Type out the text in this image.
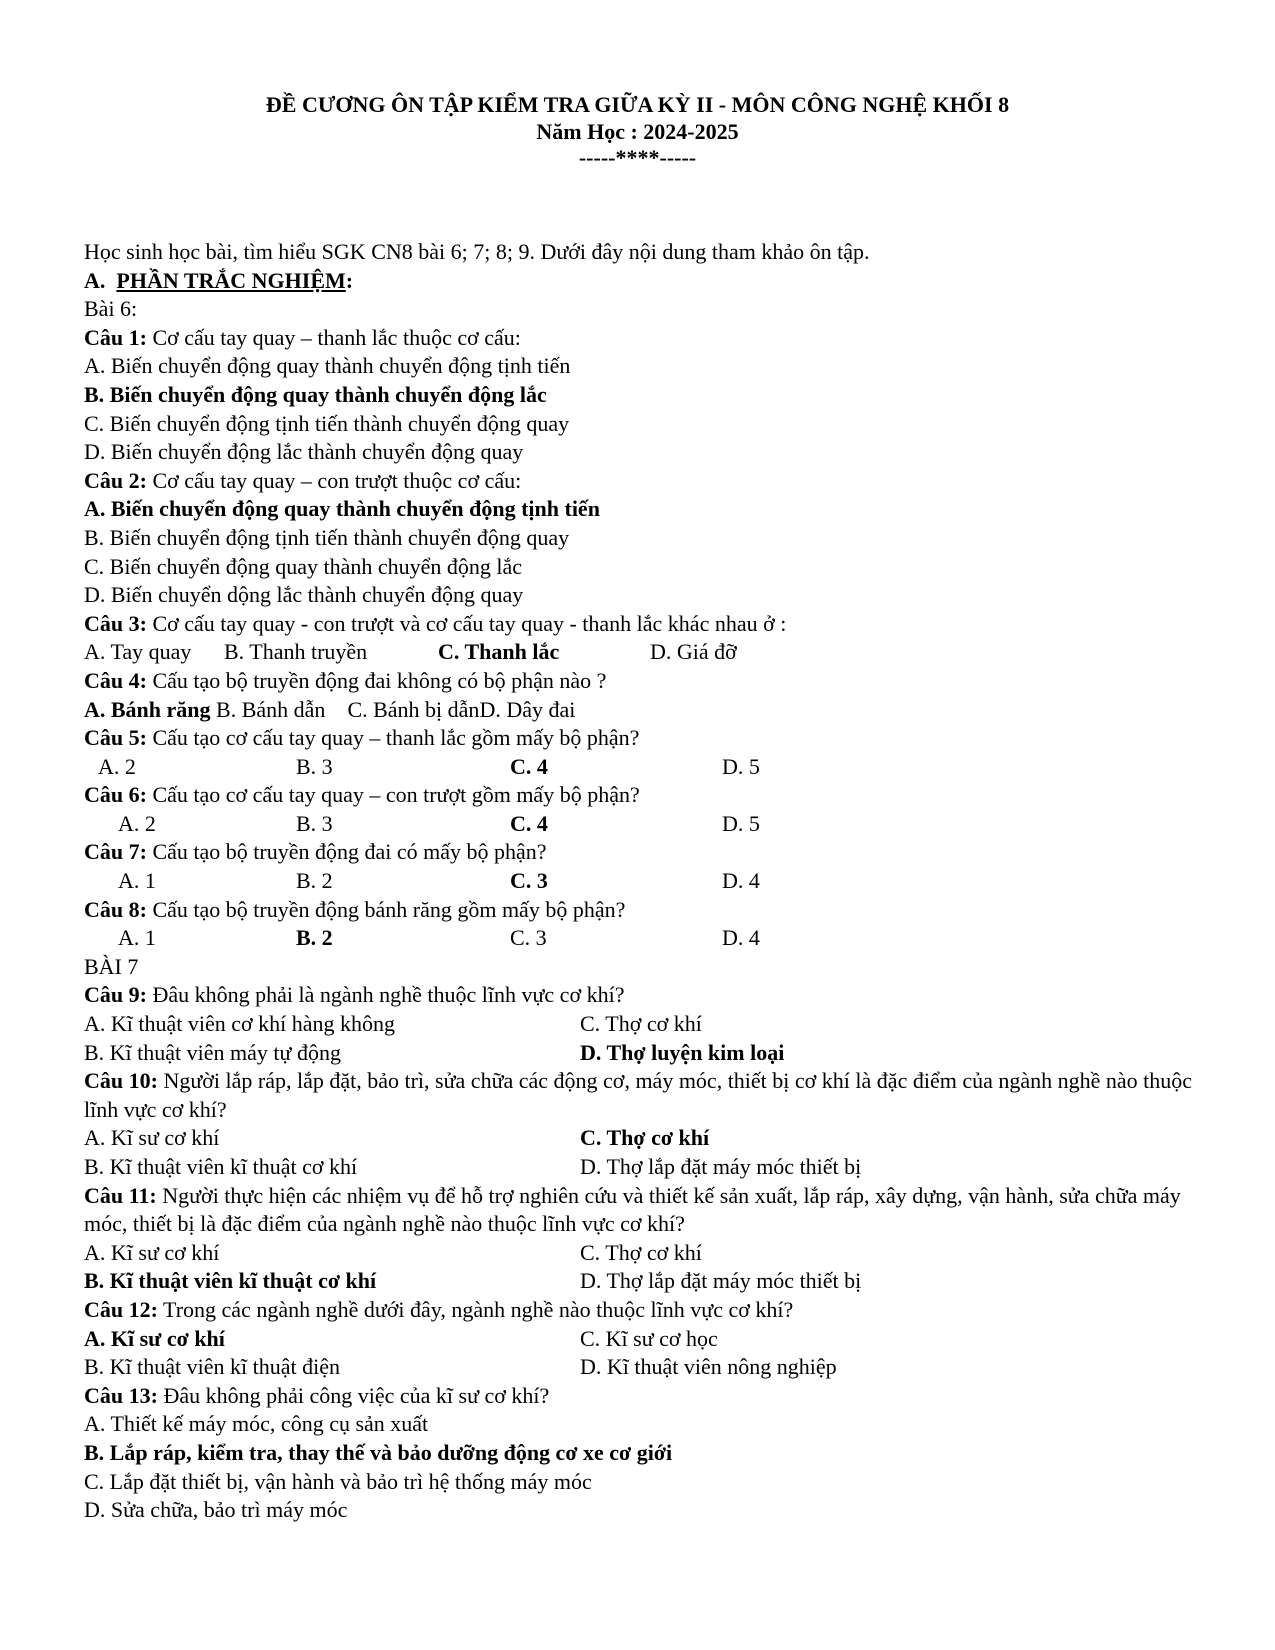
ĐỀ CƯƠNG ÔN TẬP KIỂM TRA GIỮA KỲ II - MÔN CÔNG NGHỆ KHỐI 8
Năm Học : 2024-2025
-----****-----
Học sinh học bài, tìm hiểu SGK CN8 bài 6; 7; 8; 9. Dưới đây nội dung tham khảo ôn tập.
A. PHẦN TRẮC NGHIỆM:
Bài 6:
Câu 1: Cơ cấu tay quay – thanh lắc thuộc cơ cấu:
A. Biến chuyển động quay thành chuyển động tịnh tiến
B. Biến chuyển động quay thành chuyển động lắc
C. Biến chuyển động tịnh tiến thành chuyển động quay
D. Biến chuyển động lắc thành chuyển động quay
Câu 2: Cơ cấu tay quay – con trượt thuộc cơ cấu:
A. Biến chuyển động quay thành chuyển động tịnh tiến
B. Biến chuyển động tịnh tiến thành chuyển động quay
C. Biến chuyển động quay thành chuyển động lắc
D. Biến chuyển dộng lắc thành chuyển động quay
Câu 3: Cơ cấu tay quay - con trượt và cơ cấu tay quay - thanh lắc khác nhau ở :
A. Tay quay B. Thanh truyền	C. Thanh lắc	D. Giá đỡ
Câu 4: Cấu tạo bộ truyền động đai không có bộ phận nào ?
A. Bánh răng B. Bánh dẫn C. Bánh bị dẫnD. Dây đai
Câu 5: Cấu tạo cơ cấu tay quay – thanh lắc gồm mấy bộ phận?
A. 2	B. 3	C. 4	D. 5
Câu 6: Cấu tạo cơ cấu tay quay – con trượt gồm mấy bộ phận?
A. 2	B. 3	C. 4	D. 5
Câu 7: Cấu tạo bộ truyền động đai có mấy bộ phận?
A. 1	B. 2	C. 3	D. 4
Câu 8: Cấu tạo bộ truyền động bánh răng gồm mấy bộ phận?
A. 1	B. 2	C. 3	D. 4
BÀI 7
Câu 9: Đâu không phải là ngành nghề thuộc lĩnh vực cơ khí?
A. Kĩ thuật viên cơ khí hàng không	C. Thợ cơ khí
B. Kĩ thuật viên máy tự động	D. Thợ luyện kim loại
Câu 10: Người lắp ráp, lắp đặt, bảo trì, sửa chữa các động cơ, máy móc, thiết bị cơ khí là đặc điểm của ngành nghề nào thuộc lĩnh vực cơ khí?
A. Kĩ sư cơ khí	C. Thợ cơ khí
B. Kĩ thuật viên kĩ thuật cơ khí	D. Thợ lắp đặt máy móc thiết bị
Câu 11: Người thực hiện các nhiệm vụ để hỗ trợ nghiên cứu và thiết kế sản xuất, lắp ráp, xây dựng, vận hành, sửa chữa máy móc, thiết bị là đặc điểm của ngành nghề nào thuộc lĩnh vực cơ khí?
A. Kĩ sư cơ khí	C. Thợ cơ khí
B. Kĩ thuật viên kĩ thuật cơ khí	D. Thợ lắp đặt máy móc thiết bị
Câu 12: Trong các ngành nghề dưới đây, ngành nghề nào thuộc lĩnh vực cơ khí?
A. Kĩ sư cơ khí	C. Kĩ sư cơ học
B. Kĩ thuật viên kĩ thuật điện	D. Kĩ thuật viên nông nghiệp
Câu 13: Đâu không phải công việc của kĩ sư cơ khí?
A. Thiết kế máy móc, công cụ sản xuất
B. Lắp ráp, kiểm tra, thay thế và bảo dưỡng động cơ xe cơ giới
C. Lắp đặt thiết bị, vận hành và bảo trì hệ thống máy móc
D. Sửa chữa, bảo trì máy móc
